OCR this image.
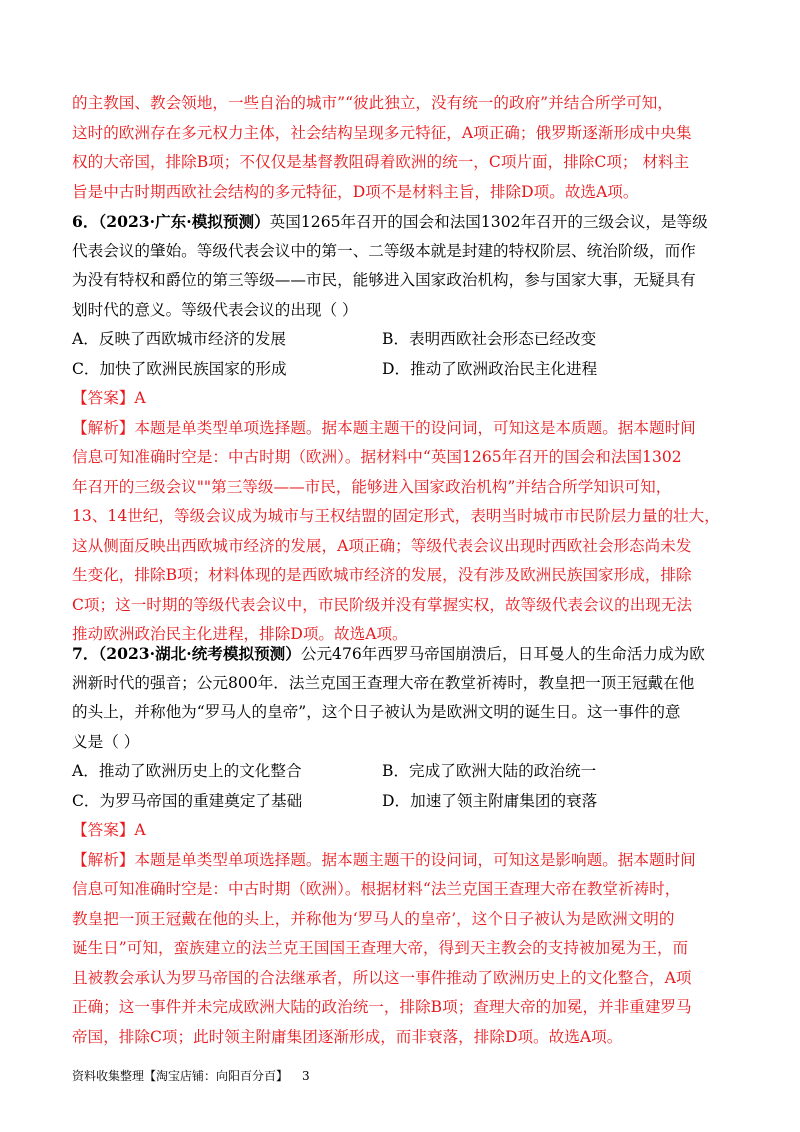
的主教国、教会领地，一些自治的城市”“彼此独立，没有统一的政府”并结合所学可知，
这时的欧洲存在多元权力主体，社会结构呈现多元特征，A项正确；俄罗斯逐渐形成中央集
权的大帝国，排除B项；不仅仅是基督教阻碍着欧洲的统一，C项片面，排除C项； 材料主
旨是中古时期西欧社会结构的多元特征，D项不是材料主旨，排除D项。故选A项。
6．（2023·广东·模拟预测）英国1265年召开的国会和法国1302年召开的三级会议，是等级
代表会议的肇始。等级代表会议中的第一、二等级本就是封建的特权阶层、统治阶级，而作
为没有特权和爵位的第三等级——市民，能够进入国家政治机构，参与国家大事，无疑具有
划时代的意义。等级代表会议的出现（ ）
A．反映了西欧城市经济的发展	B．表明西欧社会形态已经改变
C．加快了欧洲民族国家的形成	D．推动了欧洲政治民主化进程
【答案】A
【解析】本题是单类型单项选择题。据本题主题干的设问词，可知这是本质题。据本题时间
信息可知准确时空是：中古时期（欧洲）。据材料中“英国1265年召开的国会和法国1302
年召开的三级会议""第三等级——市民，能够进入国家政治机构”并结合所学知识可知，
13、14世纪，等级会议成为城市与王权结盟的固定形式，表明当时城市市民阶层力量的壮大，
这从侧面反映出西欧城市经济的发展，A项正确；等级代表会议出现时西欧社会形态尚未发
生变化，排除B项；材料体现的是西欧城市经济的发展，没有涉及欧洲民族国家形成，排除
C项；这一时期的等级代表会议中，市民阶级并没有掌握实权，故等级代表会议的出现无法
推动欧洲政治民主化进程，排除D项。故选A项。
7．（2023·湖北·统考模拟预测）公元476年西罗马帝国崩溃后，日耳曼人的生命活力成为欧
洲新时代的强音；公元800年．法兰克国王查理大帝在教堂祈祷时，教皇把一顶王冠戴在他
的头上，并称他为“罗马人的皇帝”，这个日子被认为是欧洲文明的诞生日。这一事件的意
义是（ ）
A．推动了欧洲历史上的文化整合	B．完成了欧洲大陆的政治统一
C．为罗马帝国的重建奠定了基础	D．加速了领主附庸集团的衰落
【答案】A
【解析】本题是单类型单项选择题。据本题主题干的设问词，可知这是影响题。据本题时间
信息可知准确时空是：中古时期（欧洲）。根据材料“法兰克国王查理大帝在教堂祈祷时，
教皇把一顶王冠戴在他的头上，并称他为‘罗马人的皇帝’，这个日子被认为是欧洲文明的
诞生日”可知，蛮族建立的法兰克王国国王查理大帝，得到天主教会的支持被加冕为王，而
且被教会承认为罗马帝国的合法继承者，所以这一事件推动了欧洲历史上的文化整合，A项
正确；这一事件并未完成欧洲大陆的政治统一，排除B项；查理大帝的加冕，并非重建罗马
帝国，排除C项；此时领主附庸集团逐渐形成，而非衰落，排除D项。故选A项。
资料收集整理【淘宝店铺：向阳百分百】 3
